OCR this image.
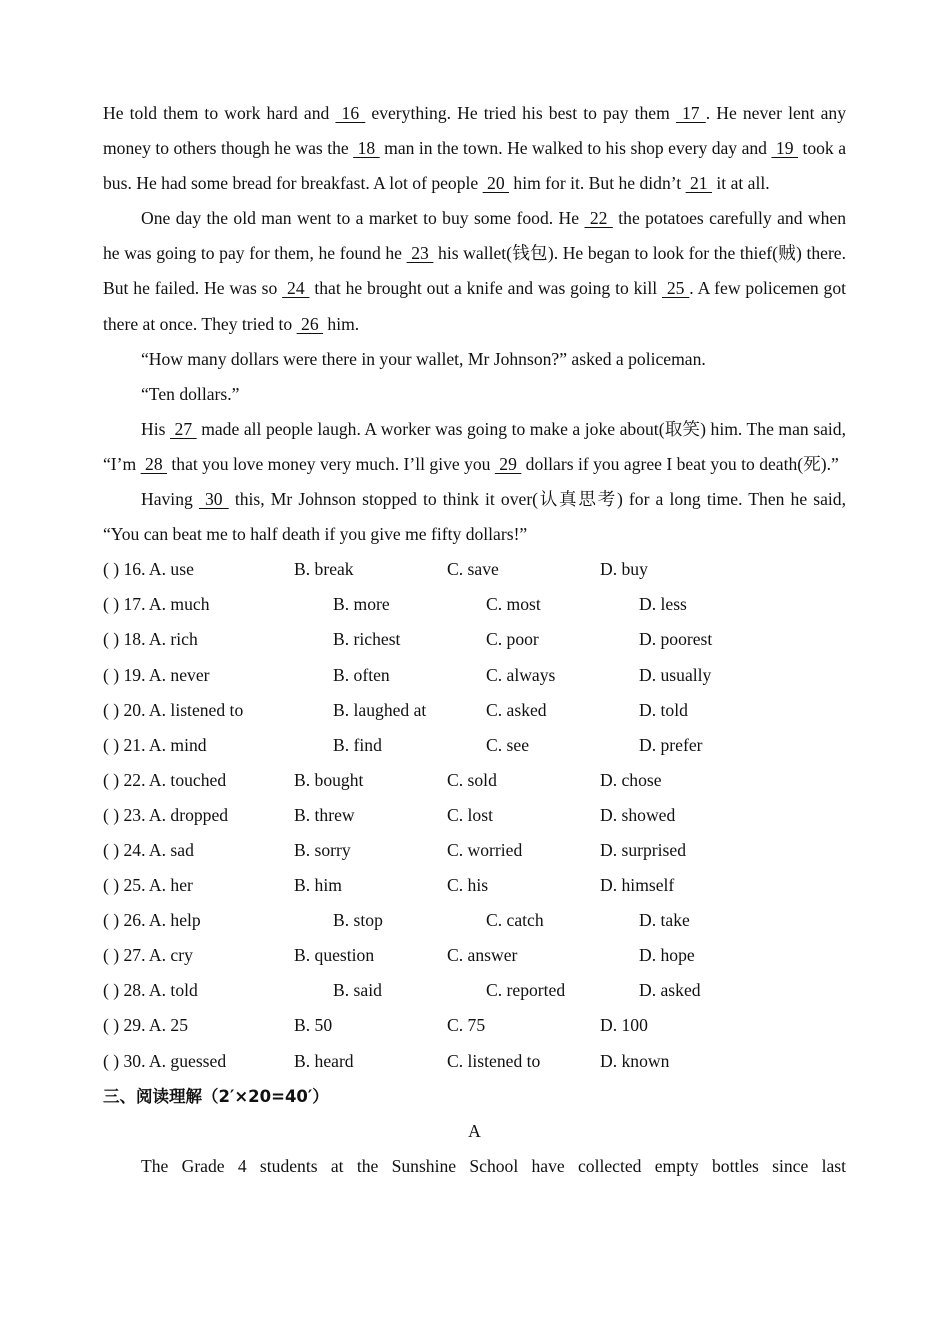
He told them to work hard and  16  everything. He tried his best to pay them  17 . He never lent any money to others though he was the  18  man in the town. He walked to his shop every day and  19  took a bus. He had some bread for breakfast. A lot of people  20  him for it. But he didn’t  21  it at all.

One day the old man went to a market to buy some food. He  22  the potatoes carefully and when he was going to pay for them, he found he  23  his wallet(钱包). He began to look for the thief(贼) there. But he failed. He was so  24  that he brought out a knife and was going to kill  25 . A few policemen got there at once. They tried to  26  him.

“How many dollars were there in your wallet, Mr Johnson?” asked a policeman.

“Ten dollars.”

His  27  made all people laugh. A worker was going to make a joke about(取笑) him. The man said, “I’m  28  that you love money very much. I’ll give you  29  dollars if you agree I beat you to death(死).”

Having  30  this, Mr Johnson stopped to think it over(认真思考) for a long time. Then he said, “You can beat me to half death if you give me fifty dollars!”

( ) 16. A. use	B. break	C. save	D. buy
( ) 17. A. much	B. more	C. most	D. less
( ) 18. A. rich	B. richest	C. poor	D. poorest
( ) 19. A. never	B. often	C. always	D. usually
( ) 20. A. listened to	B. laughed at	C. asked	D. told
( ) 21. A. mind	B. find	C. see	D. prefer
( ) 22. A. touched	B. bought	C. sold	D. chose
( ) 23. A. dropped	B. threw	C. lost	D. showed
( ) 24. A. sad	B. sorry	C. worried	D. surprised
( ) 25. A. her	B. him	C. his	D. himself
( ) 26. A. help	B. stop	C. catch	D. take
( ) 27. A. cry	B. question	C. answer	D. hope
( ) 28. A. told	B. said	C. reported	D. asked
( ) 29. A. 25	B. 50	C. 75	D. 100
( ) 30. A. guessed	B. heard	C. listened to	D. known
三、阅读理解（2′×20=40′）
A

The Grade 4 students at the Sunshine School have collected empty bottles since last
